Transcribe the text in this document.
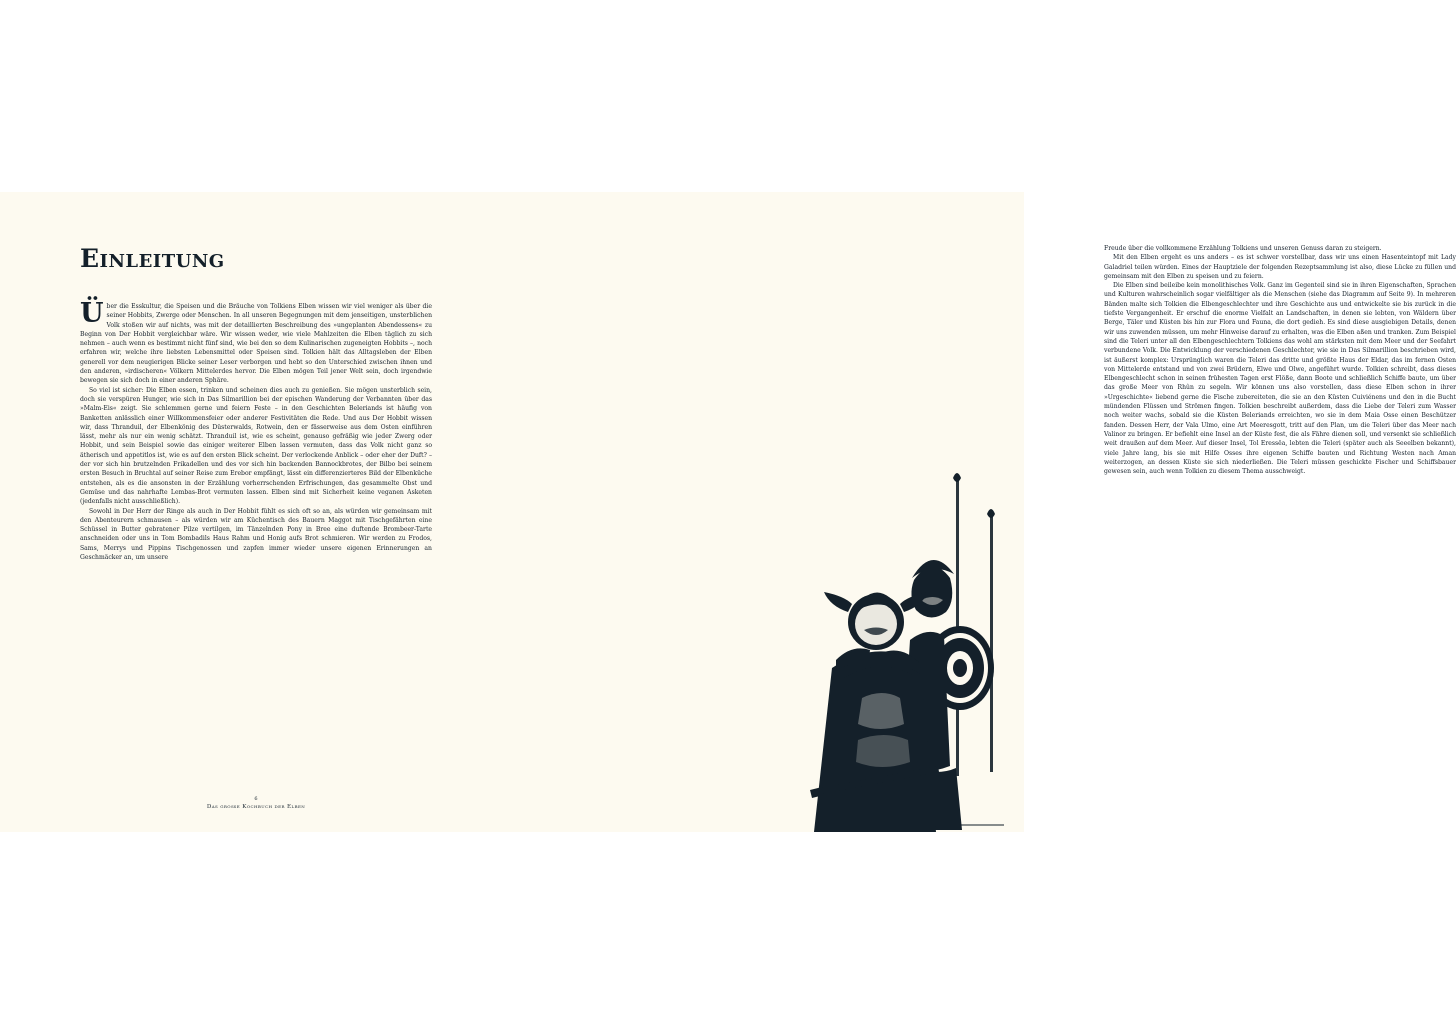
Einleitung

Über die Esskultur, die Speisen und die Bräuche von Tolkiens Elben wissen wir viel weniger als über die seiner Hobbits, Zwerge oder Menschen. In all unseren Begegnungen mit dem jenseitigen, unsterblichen Volk stoßen wir auf nichts, was mit der detaillierten Beschreibung des »ungeplanten Abendessens« zu Beginn von Der Hobbit vergleichbar wäre. Wir wissen weder, wie viele Mahlzeiten die Elben täglich zu sich nehmen – auch wenn es bestimmt nicht fünf sind, wie bei den so dem Kulinarischen zugeneigten Hobbits –, noch erfahren wir, welche ihre liebsten Lebensmittel oder Speisen sind. Tolkien hält das Alltagsleben der Elben generell vor dem neugierigen Blicke seiner Leser verborgen und hebt so den Unterschied zwischen ihnen und den anderen, »irdischeren« Völkern Mittelerdes hervor. Die Elben mögen Teil jener Welt sein, doch irgendwie bewegen sie sich doch in einer anderen Sphäre.

So viel ist sicher: Die Elben essen, trinken und scheinen dies auch zu genießen. Sie mögen unsterblich sein, doch sie verspüren Hunger, wie sich in Das Silmarillion bei der epischen Wanderung der Verbannten über das »Malm-Eis« zeigt. Sie schlemmen gerne und feiern Feste – in den Geschichten Beleriands ist häufig von Banketten anlässlich einer Willkommensfeier oder anderer Festivitäten die Rede. Und aus Der Hobbit wissen wir, dass Thranduil, der Elbenkönig des Düsterwalds, Rotwein, den er fässerweise aus dem Osten einführen lässt, mehr als nur ein wenig schätzt. Thranduil ist, wie es scheint, genauso gefräßig wie jeder Zwerg oder Hobbit, und sein Beispiel sowie das einiger weiterer Elben lassen vermuten, dass das Volk nicht ganz so ätherisch und appetitlos ist, wie es auf den ersten Blick scheint. Der verlockende Anblick – oder eher der Duft? – der vor sich hin brutzelnden Frikadellen und des vor sich hin backenden Bannockbrotes, der Bilbo bei seinem ersten Besuch in Bruchtal auf seiner Reise zum Erebor empfängt, lässt ein differenzierteres Bild der Elbenküche entstehen, als es die ansonsten in der Erzählung vorherrschenden Erfrischungen, das gesammelte Obst und Gemüse und das nahrhafte Lembas-Brot vermuten lassen. Elben sind mit Sicherheit keine veganen Asketen (jedenfalls nicht ausschließlich).

Sowohl in Der Herr der Ringe als auch in Der Hobbit fühlt es sich oft so an, als würden wir gemeinsam mit den Abenteurern schmausen – als würden wir am Küchentisch des Bauern Maggot mit Tischgefährten eine Schüssel in Butter gebratener Pilze vertilgen, im Tänzelnden Pony in Bree eine duftende Brombeer-Tarte anschneiden oder uns in Tom Bombadils Haus Rahm und Honig aufs Brot schmieren. Wir werden zu Frodos, Sams, Merrys und Pippins Tischgenossen und zapfen immer wieder unsere eigenen Erinnerungen an Geschmäcker an, um unsere

6
Das große Kochbuch der Elben

Freude über die vollkommene Erzählung Tolkiens und unseren Genuss daran zu steigern.

Mit den Elben ergeht es uns anders – es ist schwer vorstellbar, dass wir uns einen Hasenteintopf mit Lady Galadriel teilen würden. Eines der Hauptziele der folgenden Rezeptsammlung ist also, diese Lücke zu füllen und gemeinsam mit den Elben zu speisen und zu feiern.

Die Elben sind beileibe kein monolithisches Volk. Ganz im Gegenteil sind sie in ihren Eigenschaften, Sprachen und Kulturen wahrscheinlich sogar vielfältiger als die Menschen (siehe das Diagramm auf Seite 9). In mehreren Bänden malte sich Tolkien die Elbengeschlechter und ihre Geschichte aus und entwickelte sie bis zurück in die tiefste Vergangenheit. Er erschuf die enorme Vielfalt an Landschaften, in denen sie lebten, von Wäldern über Berge, Täler und Küsten bis hin zur Flora und Fauna, die dort gedieh. Es sind diese ausgiebigen Details, denen wir uns zuwenden müssen, um mehr Hinweise darauf zu erhalten, was die Elben aßen und tranken. Zum Beispiel sind die Teleri unter all den Elbengeschlechtern Tolkiens das wohl am stärksten mit dem Meer und der Seefahrt verbundene Volk. Die Entwicklung der verschiedenen Geschlechter, wie sie in Das Silmarillion beschrieben wird, ist äußerst komplex: Ursprünglich waren die Teleri das dritte und größte Haus der Eldar, das im fernen Osten von Mittelerde entstand und von zwei Brüdern, Elwe und Olwe, angeführt wurde. Tolkien schreibt, dass dieses Elbengeschlecht schon in seinen frühesten Tagen erst Flöße, dann Boote und schließlich Schiffe baute, um über das große Meer von Rhûn zu segeln. Wir können uns also vorstellen, dass diese Elben schon in ihrer »Urgeschichte« liebend gerne die Fische zubereiteten, die sie an den Küsten Cuiviénens und den in die Bucht mündenden Flüssen und Strömen fingen. Tolkien beschreibt außerdem, dass die Liebe der Teleri zum Wasser noch weiter wachs, sobald sie die Küsten Beleriands erreichten, wo sie in dem Maia Osse einen Beschützer fanden. Dessen Herr, der Vala Ulmo, eine Art Meeresgott, tritt auf den Plan, um die Teleri über das Meer nach Valinor zu bringen. Er befiehlt eine Insel an der Küste fest, die als Fähre dienen soll, und versenkt sie schließlich weit draußen auf dem Meer. Auf dieser Insel, Tol Eressëa, lebten die Teleri (später auch als Seeelben bekannt), viele Jahre lang, bis sie mit Hilfe Osses ihre eigenen Schiffe bauten und Richtung Westen nach Aman weiterzogen, an dessen Küste sie sich niederließen. Die Teleri müssen geschickte Fischer und Schiffsbauer gewesen sein, auch wenn Tolkien zu diesem Thema ausschweigt.
